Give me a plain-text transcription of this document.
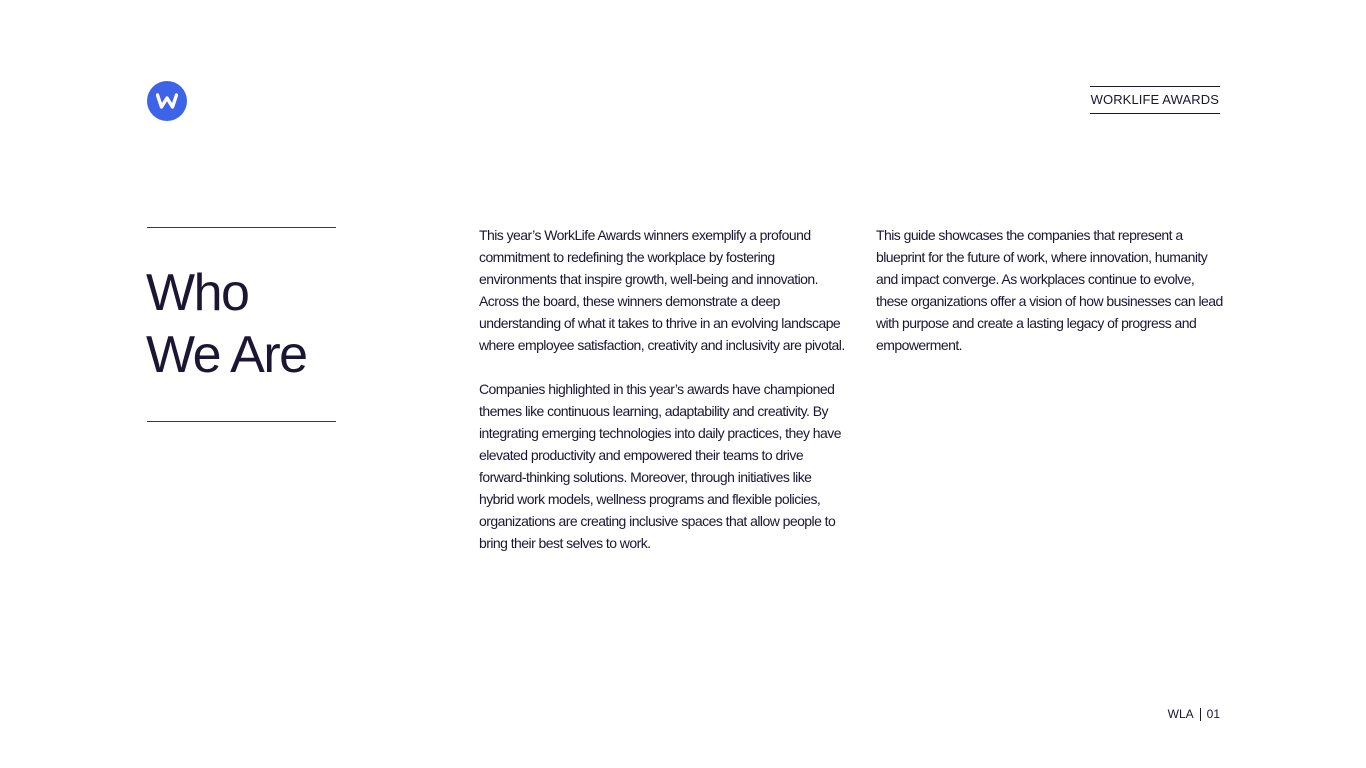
WORKLIFE AWARDS
Who
We Are

This year’s WorkLife Awards winners exemplify a profound commitment to redefining the workplace by fostering environments that inspire growth, well-being and innovation. Across the board, these winners demonstrate a deep understanding of what it takes to thrive in an evolving landscape where employee satisfaction, creativity and inclusivity are pivotal.

Companies highlighted in this year’s awards have championed themes like continuous learning, adaptability and creativity. By integrating emerging technologies into daily practices, they have elevated productivity and empowered their teams to drive forward-thinking solutions. Moreover, through initiatives like hybrid work models, wellness programs and flexible policies, organizations are creating inclusive spaces that allow people to bring their best selves to work.

This guide showcases the companies that represent a blueprint for the future of work, where innovation, humanity and impact converge. As workplaces continue to evolve, these organizations offer a vision of how businesses can lead with purpose and create a lasting legacy of progress and empowerment.

WLA 01
